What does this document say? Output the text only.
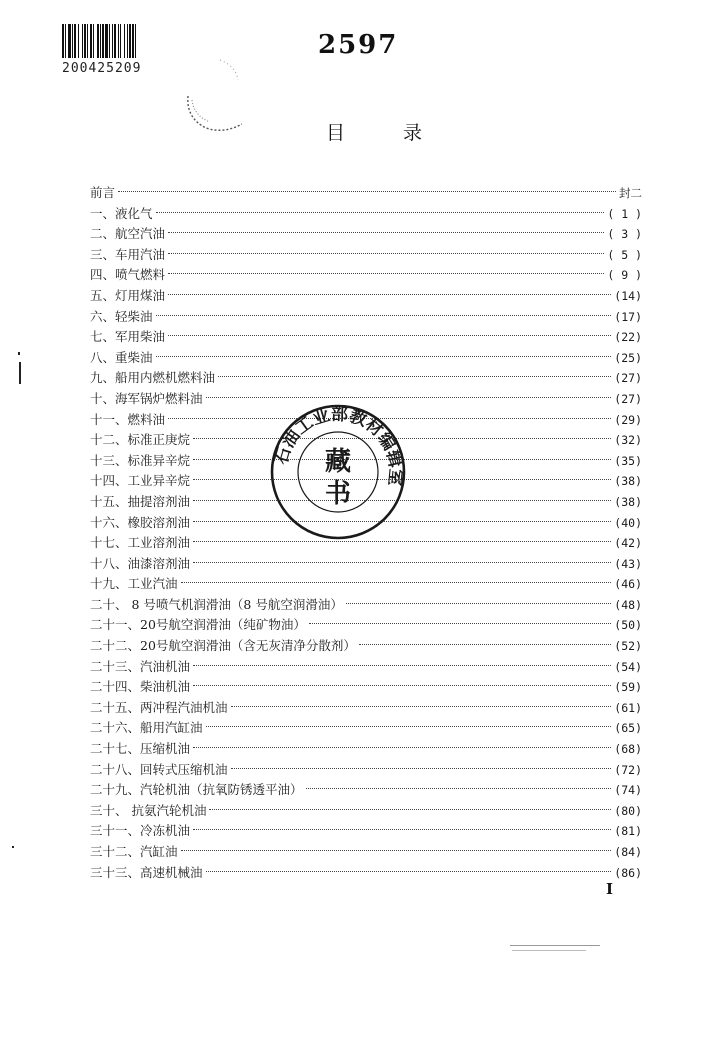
200425209
2597
目 录
前言	封二
一、液化气	( 1 )
二、航空汽油	( 3 )
三、车用汽油	( 5 )
四、喷气燃料	( 9 )
五、灯用煤油	(14)
六、轻柴油	(17)
七、军用柴油	(22)
八、重柴油	(25)
九、船用内燃机燃料油	(27)
十、海军锅炉燃料油	(27)
十一、燃料油	(29)
十二、标准正庚烷	(32)
十三、标准异辛烷	(35)
十四、工业异辛烷	(38)
十五、抽提溶剂油	(38)
十六、橡胶溶剂油	(40)
十七、工业溶剂油	(42)
十八、油漆溶剂油	(43)
十九、工业汽油	(46)
二十、 8 号喷气机润滑油（8 号航空润滑油）	(48)
二十一、20号航空润滑油（纯矿物油）	(50)
二十二、20号航空润滑油（含无灰清净分散剂）	(52)
二十三、汽油机油	(54)
二十四、柴油机油	(59)
二十五、两冲程汽油机油	(61)
二十六、船用汽缸油	(65)
二十七、压缩机油	(68)
二十八、回转式压缩机油	(72)
二十九、汽轮机油（抗氧防锈透平油）	(74)
三十、 抗氨汽轮机油	(80)
三十一、冷冻机油	(81)
三十二、汽缸油	(84)
三十三、高速机械油	(86)
石油工业部教材编辑室
藏
书
I
